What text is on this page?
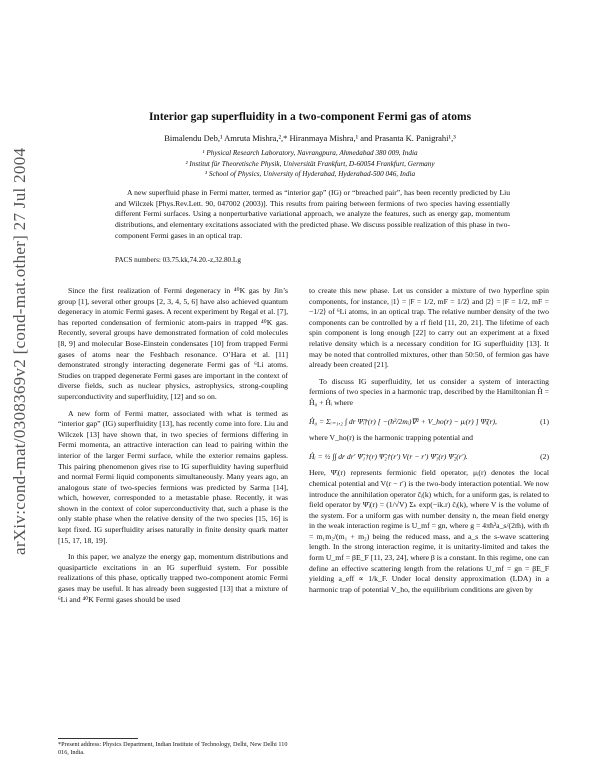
arXiv:cond-mat/0308369v2 [cond-mat.other] 27 Jul 2004
Interior gap superfluidity in a two-component Fermi gas of atoms
Bimalendu Deb,¹ Amruta Mishra,²,* Hiranmaya Mishra,¹ and Prasanta K. Panigrahi¹,³
¹ Physical Research Laboratory, Navrangpura, Ahmedabad 380 009, India
² Institut für Theoretische Physik, Universität Frankfurt, D-60054 Frankfurt, Germany
³ School of Physics, University of Hyderabad, Hyderabad-500 046, India
A new superfluid phase in Fermi matter, termed as “interior gap” (IG) or “breached pair”, has been recently predicted by Liu and Wilczek [Phys.Rev.Lett. 90, 047002 (2003)]. This results from pairing between fermions of two species having essentially different Fermi surfaces. Using a nonperturbative variational approach, we analyze the features, such as energy gap, momentum distributions, and elementary excitations associated with the predicted phase. We discuss possible realization of this phase in two-component Fermi gases in an optical trap.
PACS numbers: 03.75.kk,74.20.-z,32.80.Lg

Since the first realization of Fermi degeneracy in ⁴⁰K gas by Jin’s group [1], several other groups [2, 3, 4, 5, 6] have also achieved quantum degeneracy in atomic Fermi gases. A recent experiment by Regal et al. [7], has reported condensation of fermionic atom-pairs in trapped ⁴⁰K gas. Recently, several groups have demonstrated formation of cold molecules [8, 9] and molecular Bose-Einstein condensates [10] from trapped Fermi gases of atoms near the Feshbach resonance. O’Hara et al. [11] demonstrated strongly interacting degenerate Fermi gas of ⁶Li atoms. Studies on trapped degenerate Fermi gases are important in the context of diverse fields, such as nuclear physics, astrophysics, strong-coupling superconductivity and superfluidity, [12] and so on.

A new form of Fermi matter, associated with what is termed as “interior gap” (IG) superfluidity [13], has recently come into fore. Liu and Wilczek [13] have shown that, in two species of fermions differing in Fermi momenta, an attractive interaction can lead to pairing within the interior of the larger Fermi surface, while the exterior remains gapless. This pairing phenomenon gives rise to IG superfluidity having superfluid and normal Fermi liquid components simultaneously. Many years ago, an analogous state of two-species fermions was predicted by Sarma [14], which, however, corresponded to a metastable phase. Recently, it was shown in the context of color superconductivity that, such a phase is the only stable phase when the relative density of the two species [15, 16] is kept fixed. IG superfluidity arises naturally in finite density quark matter [15, 17, 18, 19].

In this paper, we analyze the energy gap, momentum distributions and quasiparticle excitations in an IG superfluid system. For possible realizations of this phase, optically trapped two-component atomic Fermi gases may be useful. It has already been suggested [13] that a mixture of ⁶Li and ⁴⁰K Fermi gases should be used

to create this new phase. Let us consider a mixture of two hyperfine spin components, for instance, |1⟩ = |F = 1/2, mF = 1/2⟩ and |2⟩ = |F = 1/2, mF = −1/2⟩ of ⁶Li atoms, in an optical trap. The relative number density of the two components can be controlled by a rf field [11, 20, 21]. The lifetime of each spin component is long enough [22] to carry out an experiment at a fixed relative density which is a necessary condition for IG superfluidity [13]. It may be noted that controlled mixtures, other than 50:50, of fermion gas have already been created [21].

To discuss IG superfluidity, let us consider a system of interacting fermions of two species in a harmonic trap, described by the Hamiltonian Ĥ = Ĥ₀ + Ĥᵢ where

Ĥ₀ = Σᵢ₌₁,₂ ∫ dr Ψ̂ᵢ†(r) [ −(ħ²/2mᵢ)∇² + V_ho(r) − μᵢ(r) ] Ψ̂ᵢ(r),	(1)

where V_ho(r) is the harmonic trapping potential and

Ĥᵢ = ½ ∫∫ dr dr′ Ψ̂₁†(r) Ψ̂₂†(r′) V(r − r′) Ψ̂₁(r) Ψ̂₂(r′).	(2)

Here, Ψ̂ᵢ(r) represents fermionic field operator, μᵢ(r) denotes the local chemical potential and V(r − r′) is the two-body interaction potential. We now introduce the annihilation operator ĉᵢ(k) which, for a uniform gas, is related to field operator by Ψ̂ᵢ(r) = (1/√V) Σₖ exp(−ik.r) ĉᵢ(k), where V is the volume of the system. For a uniform gas with number density n, the mean field energy in the weak interaction regime is U_mf = gn, where g = 4πħ²a_s/(2m̃), with m̃ = m₁m₂/(m₁ + m₂) being the reduced mass, and a_s the s-wave scattering length. In the strong interaction regime, it is unitarity-limited and takes the form U_mf = βE_F [11, 23, 24], where β is a constant. In this regime, one can define an effective scattering length from the relations U_mf = gn = βE_F yielding a_eff ∝ 1/k_F. Under local density approximation (LDA) in a harmonic trap of potential V_ho, the equilibrium conditions are given by

*Present address: Physics Department, Indian Institute of Technology, Delhi, New Delhi 110 016, India.
